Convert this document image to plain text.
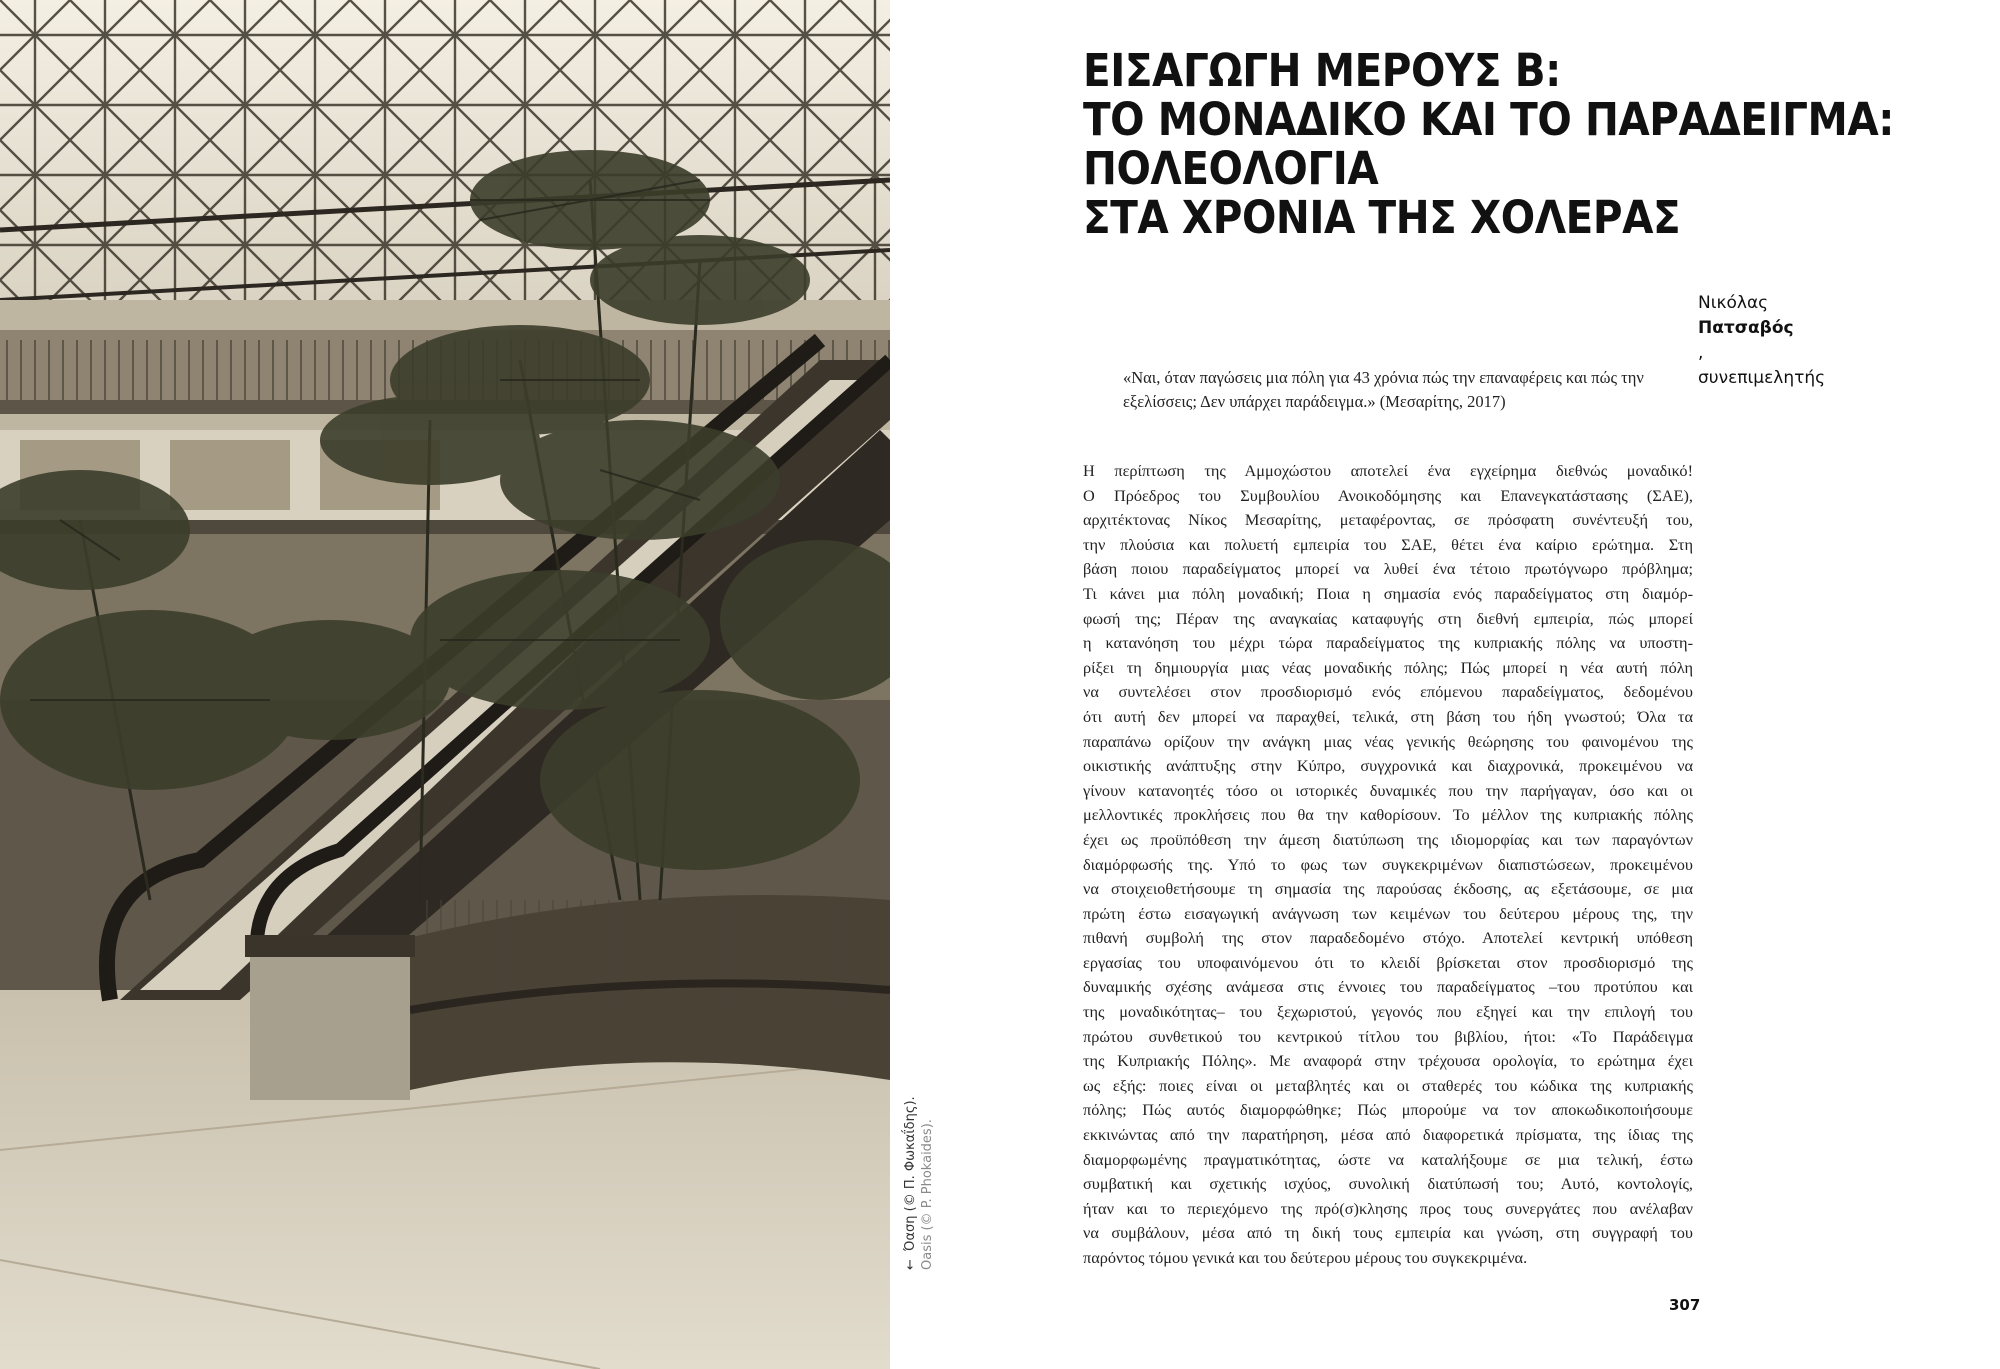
←Όαση (© Π. Φωκαΐδης). Oasis (© P. Phokaides).
ΕΙΣΑΓΩΓΗ ΜΕΡΟΥΣ Β:
ΤΟ ΜΟΝΑΔΙΚΟ ΚΑΙ ΤΟ ΠΑΡΑΔΕΙΓΜΑ:
ΠΟΛΕΟΛΟΓΙΑ
ΣΤΑ ΧΡΟΝΙΑ ΤΗΣ ΧΟΛΕΡΑΣ
Νικόλας
Πατσαβός
,
συνεπιμελητής

«Ναι, όταν παγώσεις μια πόλη για 43 χρόνια πώς την επαναφέρεις και πώς την εξελίσσεις; Δεν υπάρχει παράδειγμα.» (Μεσαρίτης, 2017)

Η περίπτωση της Αμμοχώστου αποτελεί ένα εγχείρημα διεθνώς μοναδικό!
Ο Πρόεδρος του Συμβουλίου Ανοικοδόμησης και Επανεγκατάστασης (ΣΑΕ),
αρχιτέκτονας Νίκος Μεσαρίτης, μεταφέροντας, σε πρόσφατη συνέντευξή του,
την πλούσια και πολυετή εμπειρία του ΣΑΕ, θέτει ένα καίριο ερώτημα. Στη
βάση ποιου παραδείγματος μπορεί να λυθεί ένα τέτοιο πρωτόγνωρο πρόβλημα;
Τι κάνει μια πόλη μοναδική; Ποια η σημασία ενός παραδείγματος στη διαμόρ-
φωσή της; Πέραν της αναγκαίας καταφυγής στη διεθνή εμπειρία, πώς μπορεί
η κατανόηση του μέχρι τώρα παραδείγματος της κυπριακής πόλης να υποστη-
ρίξει τη δημιουργία μιας νέας μοναδικής πόλης; Πώς μπορεί η νέα αυτή πόλη
να συντελέσει στον προσδιορισμό ενός επόμενου παραδείγματος, δεδομένου
ότι αυτή δεν μπορεί να παραχθεί, τελικά, στη βάση του ήδη γνωστού; Όλα τα
παραπάνω ορίζουν την ανάγκη μιας νέας γενικής θεώρησης του φαινομένου της
οικιστικής ανάπτυξης στην Κύπρο, συγχρονικά και διαχρονικά, προκειμένου να
γίνουν κατανοητές τόσο οι ιστορικές δυναμικές που την παρήγαγαν, όσο και οι
μελλοντικές προκλήσεις που θα την καθορίσουν. Το μέλλον της κυπριακής πόλης
έχει ως προϋπόθεση την άμεση διατύπωση της ιδιομορφίας και των παραγόντων
διαμόρφωσής της. Υπό το φως των συγκεκριμένων διαπιστώσεων, προκειμένου
να στοιχειοθετήσουμε τη σημασία της παρούσας έκδοσης, ας εξετάσουμε, σε μια
πρώτη έστω εισαγωγική ανάγνωση των κειμένων του δεύτερου μέρους της, την
πιθανή συμβολή της στον παραδεδομένο στόχο. Αποτελεί κεντρική υπόθεση
εργασίας του υποφαινόμενου ότι το κλειδί βρίσκεται στον προσδιορισμό της
δυναμικής σχέσης ανάμεσα στις έννοιες του παραδείγματος –του προτύπου και
της μοναδικότητας– του ξεχωριστού, γεγονός που εξηγεί και την επιλογή του
πρώτου συνθετικού του κεντρικού τίτλου του βιβλίου, ήτοι: «Το Παράδειγμα
της Κυπριακής Πόλης». Με αναφορά στην τρέχουσα ορολογία, το ερώτημα έχει
ως εξής: ποιες είναι οι μεταβλητές και οι σταθερές του κώδικα της κυπριακής
πόλης; Πώς αυτός διαμορφώθηκε; Πώς μπορούμε να τον αποκωδικοποιήσουμε
εκκινώντας από την παρατήρηση, μέσα από διαφορετικά πρίσματα, της ίδιας της
διαμορφωμένης πραγματικότητας, ώστε να καταλήξουμε σε μια τελική, έστω
συμβατική και σχετικής ισχύος, συνολική διατύπωσή του; Αυτό, κοντολογίς,
ήταν και το περιεχόμενο της πρό(σ)κλησης προς τους συνεργάτες που ανέλαβαν
να συμβάλουν, μέσα από τη δική τους εμπειρία και γνώση, στη συγγραφή του
παρόντος τόμου γενικά και του δεύτερου μέρους του συγκεκριμένα.
307
